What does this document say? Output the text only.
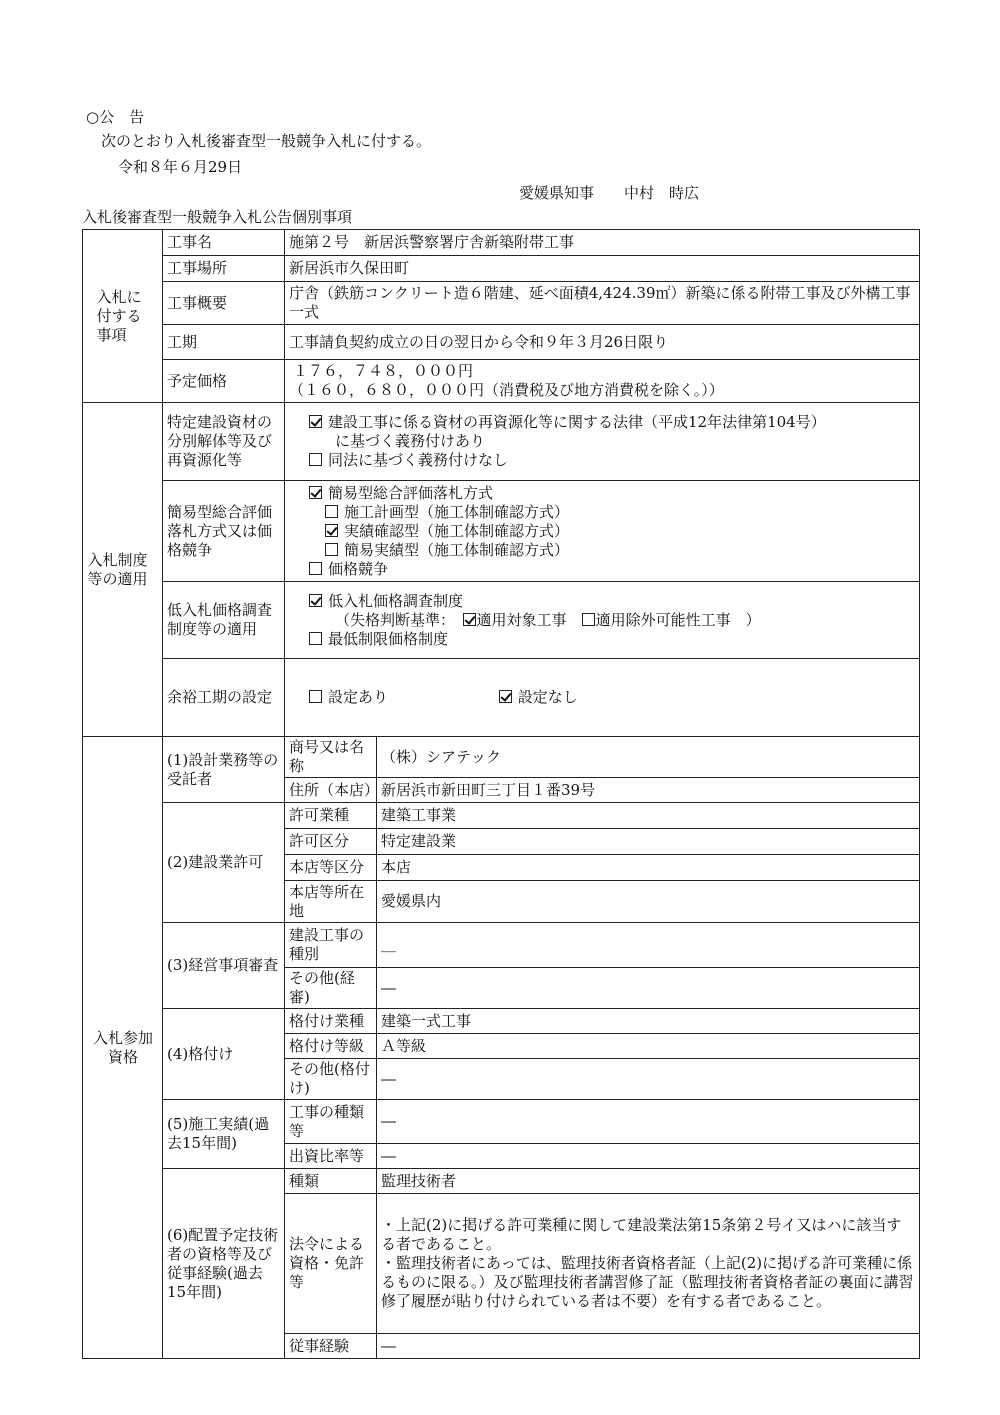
○公　告
次のとおり入札後審査型一般競争入札に付する。
令和８年６月29日
愛媛県知事　　中村　時広
入札後審査型一般競争入札公告個別事項
入札に付する事項	工事名	施第２号　新居浜警察署庁舎新築附帯工事	
	工事場所	新居浜市久保田町	
	工事概要	庁舎（鉄筋コンクリート造６階建、延べ面積4,424.39㎡）新築に係る附帯工事及び外構工事一式	
	工期	工事請負契約成立の日の翌日から令和９年３月26日限り	
	予定価格	１７６，７４８，０００円
（１６０，６８０，０００円（消費税及び地方消費税を除く。））	

入札制度等の適用	特定建設資材の分別解体等及び再資源化等	建設工事に係る資材の再資源化等に関する法律（平成12年法律第104号）
に基づく義務付けあり
同法に基づく義務付けなし	

	簡易型総合評価落札方式又は価格競争	簡易型総合評価落札方式
施工計画型（施工体制確認方式）
実績確認型（施工体制確認方式）
簡易実績型（施工体制確認方式）
価格競争	

	低入札価格調査制度等の適用	低入札価格調査制度
（失格判断基準：　 適用対象工事　 適用除外可能性工事　）
最低制限価格制度	

	余裕工期の設定	設定あり 設定なし	

入札参加資格	(1)設計業務等の受託者	商号又は名称	（株）シアテック
		住所（本店）	新居浜市新田町三丁目１番39号
	(2)建設業許可	許可業種	建築工事業
		許可区分	特定建設業
		本店等区分	本店
		本店等所在地	愛媛県内
	(3)経営事項審査	建設工事の種別	＿
		その他(経審)	―
	(4)格付け	格付け業種	建築一式工事
		格付け等級	Ａ等級
		その他(格付け)	―
	(5)施工実績(過去15年間)	工事の種類等	―
		出資比率等	―
	(6)配置予定技術者の資格等及び従事経験(過去15年間)	種類	監理技術者
		法令による資格・免許等	・上記(2)に掲げる許可業種に関して建設業法第15条第２号イ又はハに該当する者であること。
・監理技術者にあっては、監理技術者資格者証（上記(2)に掲げる許可業種に係るものに限る。）及び監理技術者講習修了証（監理技術者資格者証の裏面に講習修了履歴が貼り付けられている者は不要）を有する者であること。

		従事経験	―
